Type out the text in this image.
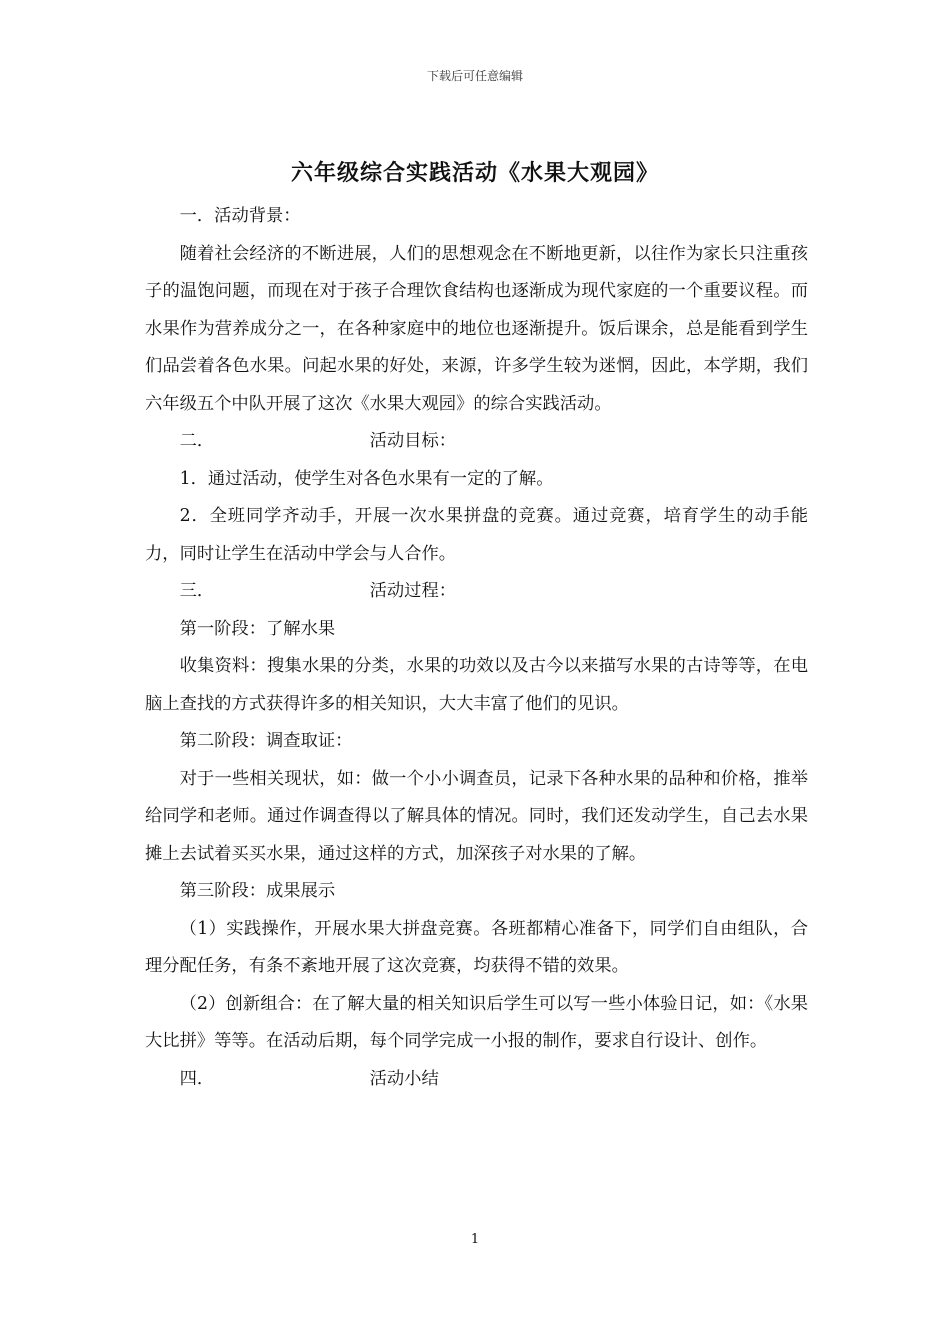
下载后可任意编辑
六年级综合实践活动《水果大观园》

一．活动背景：

随着社会经济的不断进展，人们的思想观念在不断地更新，以往作为家长只注重孩子的温饱问题，而现在对于孩子合理饮食结构也逐渐成为现代家庭的一个重要议程。而水果作为营养成分之一，在各种家庭中的地位也逐渐提升。饭后课余，总是能看到学生们品尝着各色水果。问起水果的好处，来源，许多学生较为迷惘，因此，本学期，我们六年级五个中队开展了这次《水果大观园》的综合实践活动。

二．	活动目标：

1．通过活动，使学生对各色水果有一定的了解。

2．全班同学齐动手，开展一次水果拼盘的竞赛。通过竞赛，培育学生的动手能力，同时让学生在活动中学会与人合作。

三．	活动过程：

第一阶段：了解水果

收集资料：搜集水果的分类，水果的功效以及古今以来描写水果的古诗等等，在电脑上查找的方式获得许多的相关知识，大大丰富了他们的见识。

第二阶段：调查取证：

对于一些相关现状，如：做一个小小调查员，记录下各种水果的品种和价格，推举给同学和老师。通过作调查得以了解具体的情况。同时，我们还发动学生，自己去水果摊上去试着买买水果，通过这样的方式，加深孩子对水果的了解。

第三阶段：成果展示

（1）实践操作，开展水果大拼盘竞赛。各班都精心准备下，同学们自由组队，合理分配任务，有条不紊地开展了这次竞赛，均获得不错的效果。

（2）创新组合：在了解大量的相关知识后学生可以写一些小体验日记，如：《水果大比拼》等等。在活动后期，每个同学完成一小报的制作，要求自行设计、创作。

四．	活动小结

1
